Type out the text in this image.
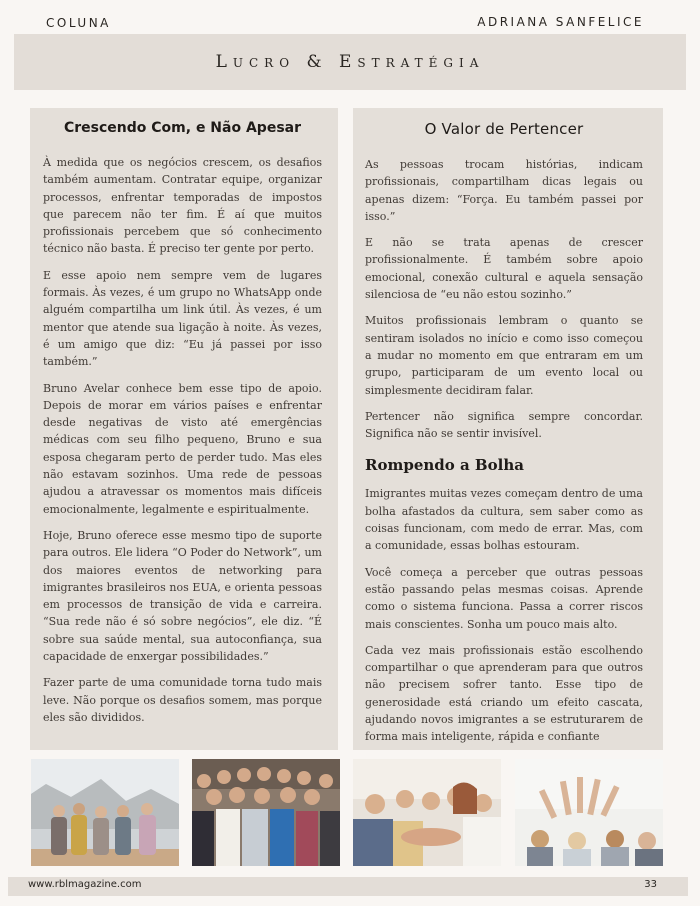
COLUNA	ADRIANA SANFELICE
Lucro & Estratégia
Crescendo Com, e Não Apesar

À medida que os negócios crescem, os desafios também aumentam. Contratar equipe, organizar processos, enfrentar temporadas de impostos que parecem não ter fim. É aí que muitos profissionais percebem que só conhecimento técnico não basta. É preciso ter gente por perto.

E esse apoio nem sempre vem de lugares formais. Às vezes, é um grupo no WhatsApp onde alguém compartilha um link útil. Às vezes, é um mentor que atende sua ligação à noite. Às vezes, é um amigo que diz: “Eu já passei por isso também.”

Bruno Avelar conhece bem esse tipo de apoio. Depois de morar em vários países e enfrentar desde negativas de visto até emergências médicas com seu filho pequeno, Bruno e sua esposa chegaram perto de perder tudo. Mas eles não estavam sozinhos. Uma rede de pessoas ajudou a atravessar os momentos mais difíceis emocionalmente, legalmente e espiritualmente.

Hoje, Bruno oferece esse mesmo tipo de suporte para outros. Ele lidera “O Poder do Network”, um dos maiores eventos de networking para imigrantes brasileiros nos EUA, e orienta pessoas em processos de transição de vida e carreira. “Sua rede não é só sobre negócios”, ele diz. “É sobre sua saúde mental, sua autoconfiança, sua capacidade de enxergar possibilidades.”

Fazer parte de uma comunidade torna tudo mais leve. Não porque os desafios somem, mas porque eles são divididos.

O Valor de Pertencer

As pessoas trocam histórias, indicam profissionais, compartilham dicas legais ou apenas dizem: “Força. Eu também passei por isso.”

E não se trata apenas de crescer profissionalmente. É também sobre apoio emocional, conexão cultural e aquela sensação silenciosa de “eu não estou sozinho.”

Muitos profissionais lembram o quanto se sentiram isolados no início e como isso começou a mudar no momento em que entraram em um grupo, participaram de um evento local ou simplesmente decidiram falar.

Pertencer não significa sempre concordar. Significa não se sentir invisível.

Rompendo a Bolha

Imigrantes muitas vezes começam dentro de uma bolha afastados da cultura, sem saber como as coisas funcionam, com medo de errar. Mas, com a comunidade, essas bolhas estouram.

Você começa a perceber que outras pessoas estão passando pelas mesmas coisas. Aprende como o sistema funciona. Passa a correr riscos mais conscientes. Sonha um pouco mais alto.

Cada vez mais profissionais estão escolhendo compartilhar o que aprenderam para que outros não precisem sofrer tanto. Esse tipo de generosidade está criando um efeito cascata, ajudando novos imigrantes a se estruturarem de forma mais inteligente, rápida e confiante

www.rblmagazine.com	33
